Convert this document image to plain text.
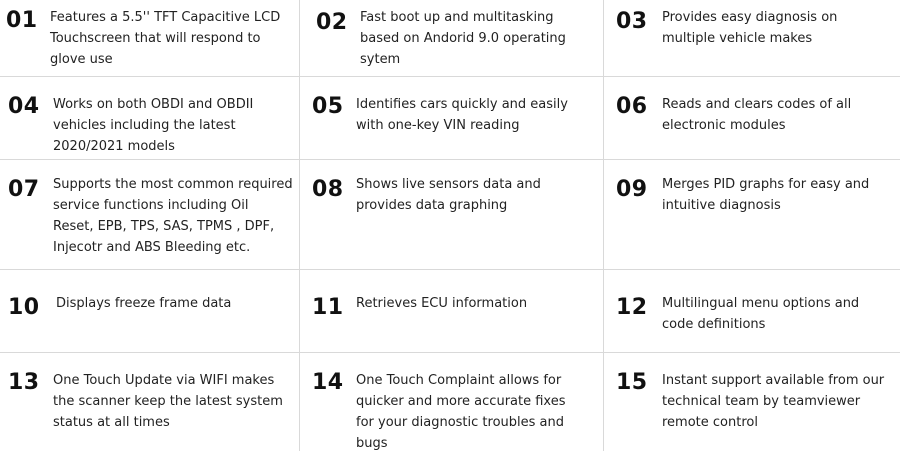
01 Features a 5.5'' TFT Capacitive LCD Touchscreen that will respond to glove use
02 Fast boot up and multitasking based on Andorid 9.0 operating sytem
03 Provides easy diagnosis on multiple vehicle makes
04 Works on both OBDI and OBDII vehicles including the latest 2020/2021 models
05 Identifies cars quickly and easily with one-key VIN reading
06 Reads and clears codes of all electronic modules
07 Supports the most common required service functions including Oil Reset, EPB, TPS, SAS, TPMS , DPF, Injecotr and ABS Bleeding etc.
08 Shows live sensors data and provides data graphing
09 Merges PID graphs for easy and intuitive diagnosis
10 Displays freeze frame data	11 Retrieves ECU information	12 Multilingual menu options and code definitions
13 One Touch Update via WIFI makes the scanner keep the latest system status at all times
14 One Touch Complaint allows for quicker and more accurate fixes for your diagnostic troubles and bugs
15 Instant support available from our technical team by teamviewer remote control
